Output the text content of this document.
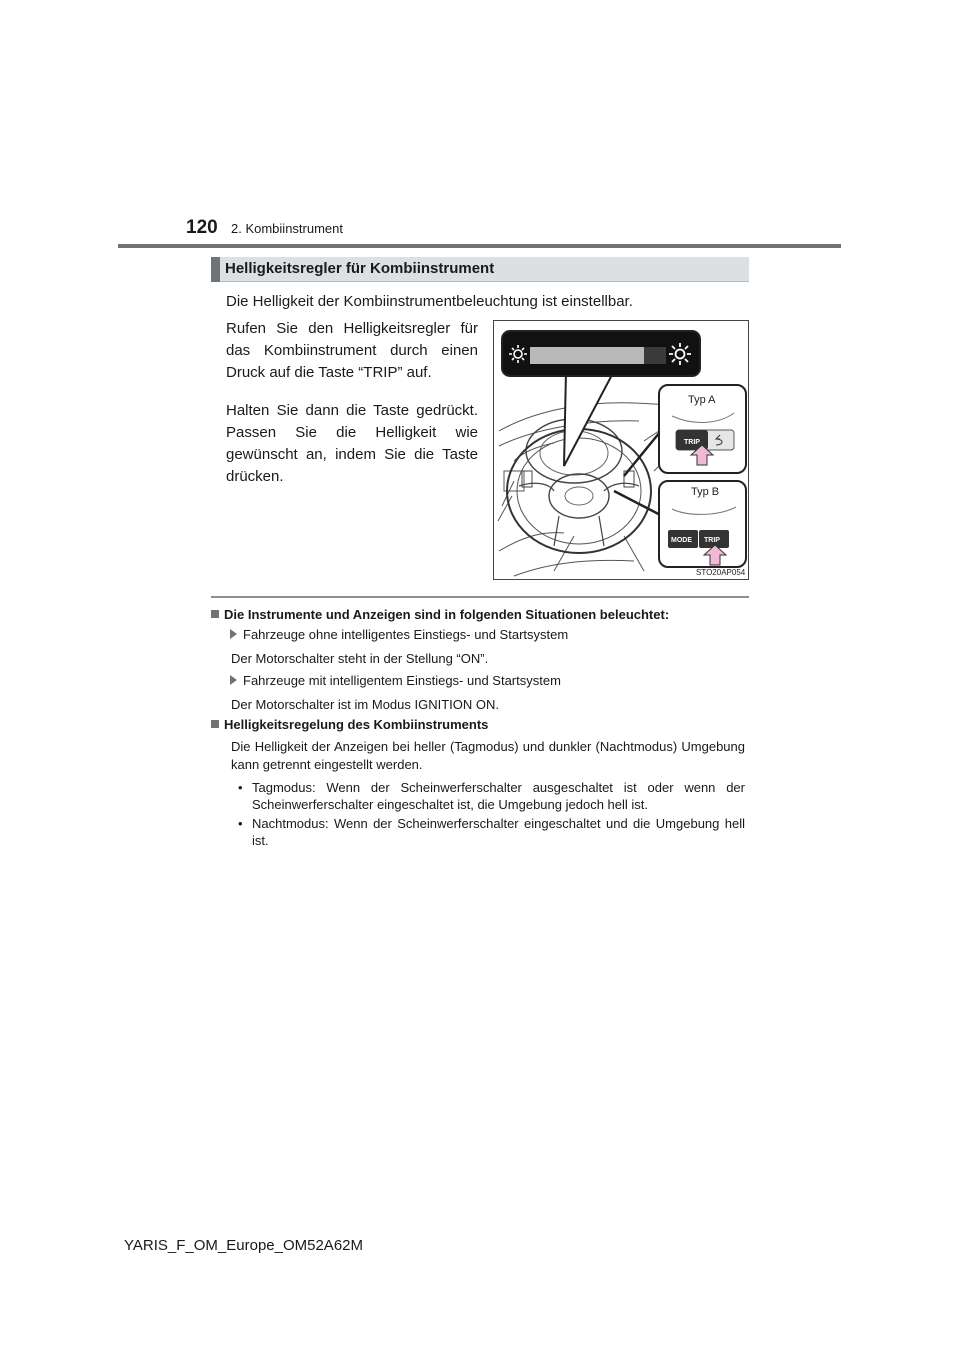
120 2. Kombiinstrument
Helligkeitsregler für Kombiinstrument
Die Helligkeit der Kombiinstrumentbeleuchtung ist einstellbar.
Rufen Sie den Helligkeitsregler für das Kombiinstrument durch einen Druck auf die Taste “TRIP” auf.
Halten Sie dann die Taste gedrückt. Passen Sie die Helligkeit wie gewünscht an, indem Sie die Taste drücken.
TRIP
Typ A
MODE TRIP
Typ B
STO20AP054
Die Instrumente und Anzeigen sind in folgenden Situationen beleuchtet:
Fahrzeuge ohne intelligentes Einstiegs- und Startsystem
Der Motorschalter steht in der Stellung “ON”.
Fahrzeuge mit intelligentem Einstiegs- und Startsystem
Der Motorschalter ist im Modus IGNITION ON.
Helligkeitsregelung des Kombiinstruments
Die Helligkeit der Anzeigen bei heller (Tagmodus) und dunkler (Nachtmodus) Umgebung kann getrennt eingestellt werden.
• Tagmodus: Wenn der Scheinwerferschalter ausgeschaltet ist oder wenn der Scheinwerferschalter eingeschaltet ist, die Umgebung jedoch hell ist.
• Nachtmodus: Wenn der Scheinwerferschalter eingeschaltet und die Umgebung hell ist.
YARIS_F_OM_Europe_OM52A62M
